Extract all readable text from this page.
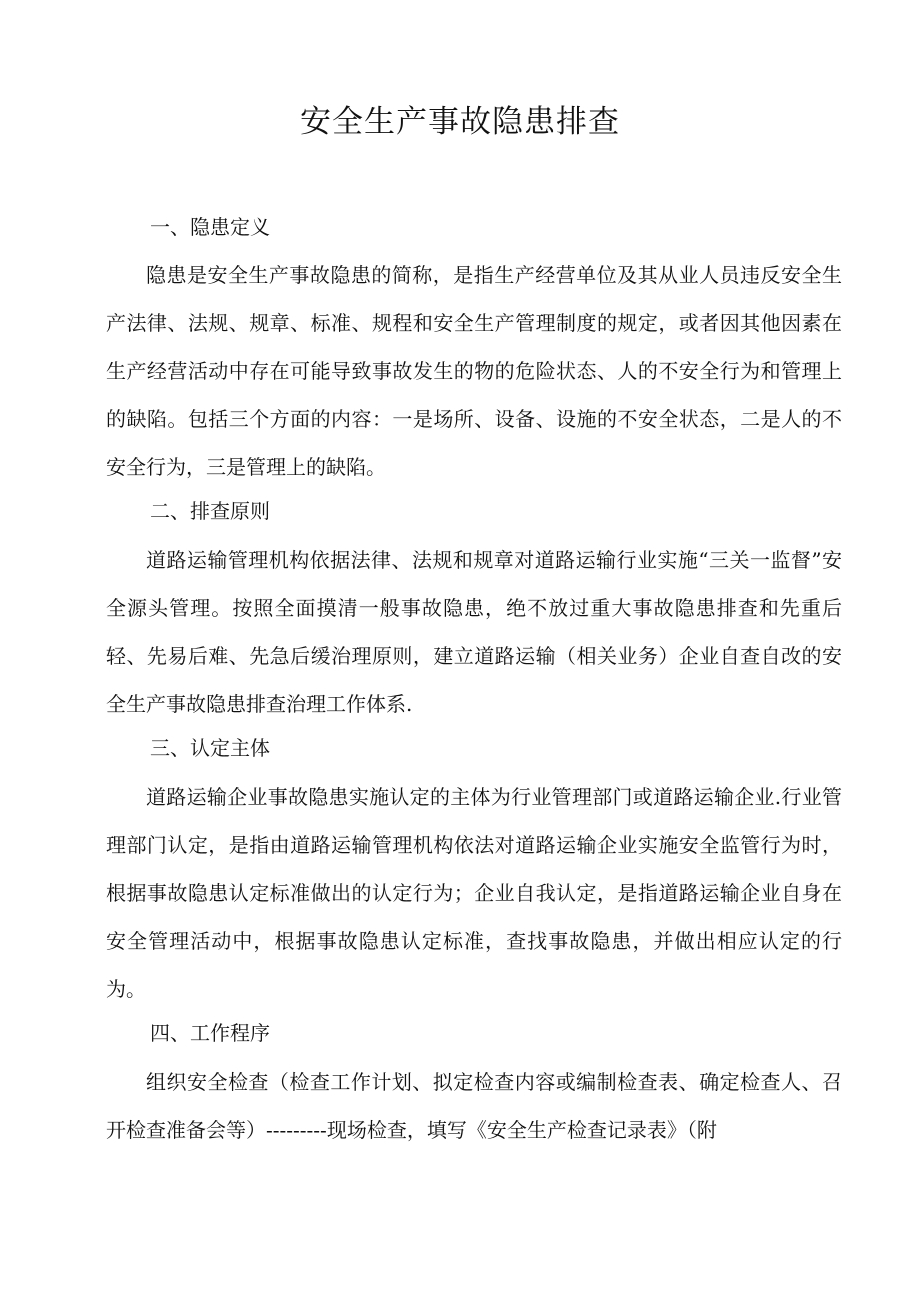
安全生产事故隐患排查
一、隐患定义
隐患是安全生产事故隐患的简称，是指生产经营单位及其从业人员违反安全生产法律、法规、规章、标准、规程和安全生产管理制度的规定，或者因其他因素在生产经营活动中存在可能导致事故发生的物的危险状态、人的不安全行为和管理上的缺陷。包括三个方面的内容：一是场所、设备、设施的不安全状态，二是人的不安全行为，三是管理上的缺陷。
二、排查原则
道路运输管理机构依据法律、法规和规章对道路运输行业实施“三关一监督”安全源头管理。按照全面摸清一般事故隐患，绝不放过重大事故隐患排查和先重后轻、先易后难、先急后缓治理原则，建立道路运输（相关业务）企业自查自改的安全生产事故隐患排查治理工作体系.
三、认定主体
道路运输企业事故隐患实施认定的主体为行业管理部门或道路运输企业.行业管理部门认定，是指由道路运输管理机构依法对道路运输企业实施安全监管行为时，根据事故隐患认定标准做出的认定行为；企业自我认定，是指道路运输企业自身在安全管理活动中，根据事故隐患认定标准，查找事故隐患，并做出相应认定的行为。
四、工作程序
组织安全检查（检查工作计划、拟定检查内容或编制检查表、确定检查人、召开检查准备会等）---------现场检查，填写《安全生产检查记录表》（附
